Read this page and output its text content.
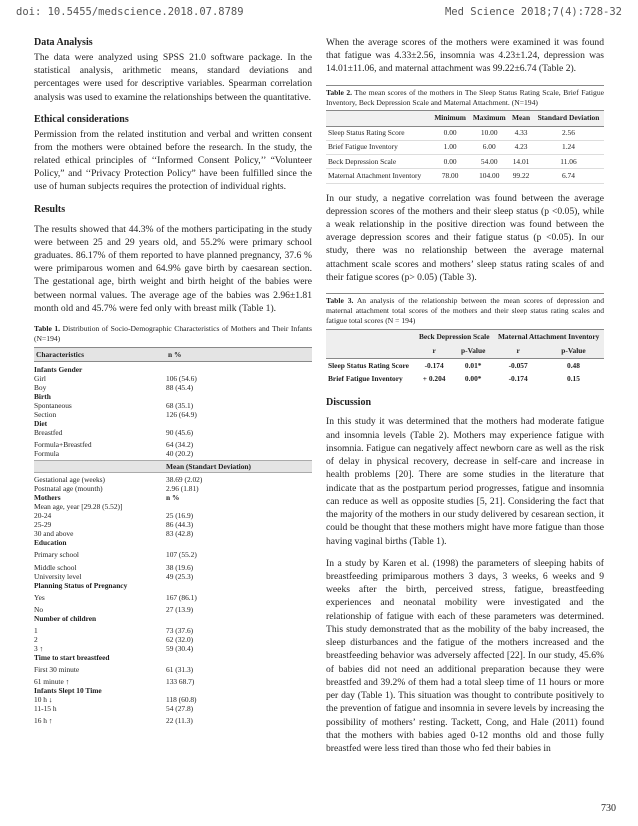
doi: 10.5455/medscience.2018.07.8789	Med Science 2018;7(4):728-32
Data Analysis

The data were analyzed using SPSS 21.0 software package. In the statistical analysis, arithmetic means, standard deviations and percentages were used for descriptive variables. Spearman correlation analysis was used to examine the relationships between the quantitative.

Ethical considerations

Permission from the related institution and verbal and written consent from the mothers were obtained before the research. In the study, the related ethical principles of ‘‘Informed Consent Policy,’’ “Volunteer Policy,” and ‘‘Privacy Protection Policy” have been fulfilled since the use of human subjects requires the protection of individual rights.

Results

The results showed that 44.3% of the mothers participating in the study were between 25 and 29 years old, and 55.2% were primary school graduates. 86.17% of them reported to have planned pregnancy, 37.6 % were primiparous women and 64.9% gave birth by caesarean section. The gestational age, birth weight and birth height of the babies were between normal values. The average age of the babies was 2.96±1.81 month old and 45.7% were fed only with breast milk (Table 1).

Table 1. Distribution of Socio-Demographic Characteristics of Mothers and Their Infants (N=194)
Characteristics	n %
Infants Gender
Girl	106 (54.6)
Boy	88 (45.4)
Birth
Spontaneous	68 (35.1)
Section	126 (64.9)
Diet
Breastfed	90 (45.6)
Formula+Breastfed	64 (34.2)
Formula	40 (20.2)
Mean (Standart Deviation)
Gestational age (weeks)	38.69 (2.02)
Postnatal age (mounth)	2.96 (1.81)
Mothers	n %
Mean age, year [29.28 (5.52)]
20-24	25 (16.9)
25-29	86 (44.3)
30 and above	83 (42.8)
Education
Primary school	107 (55.2)
Middle school	38 (19.6)
University level	49 (25.3)
Planning Status of Pregnancy
Yes	167 (86.1)
No	27 (13.9)
Number of children
1	73 (37.6)
2	62 (32.0)
3 ↑	59 (30.4)
Time to start breastfeed
First 30 minute	61 (31.3)
61 minute ↑	133 68.7)
Infants Slept 10 Time
10 h ↓	118 (60.8)
11-15 h	54 (27.8)
16 h ↑	22 (11.3)

When the average scores of the mothers were examined it was found that fatigue was 4.33±2.56, insomnia was 4.23±1.24, depression was 14.01±11.06, and maternal attachment was 99.22±6.74 (Table 2).

Table 2. The mean scores of the mothers in The Sleep Status Rating Scale, Brief Fatigue Inventory, Beck Depression Scale and Maternal Attachment. (N=194)
	Minimum	Maximum	Mean	Standard Deviation
Sleep Status Rating Score	0.00	10.00	4.33	2.56
Brief Fatigue Inventory	1.00	6.00	4.23	1.24
Beck Depression Scale	0.00	54.00	14.01	11.06
Maternal Attachment Inventory	78.00	104.00	99.22	6.74

In our study, a negative correlation was found between the average depression scores of the mothers and their sleep status (p <0.05), while a weak relationship in the positive direction was found between the average depression scores and their fatigue status (p <0.05). In our study, there was no relationship between the average maternal attachment scale scores and mothers’ sleep status rating scales of and their fatigue scores (p> 0.05) (Table 3).

Table 3. An analysis of the relationship between the mean scores of depression and maternal attachment total scores of the mothers and their sleep status rating scales and fatigue total scores (N = 194)
	Beck Depression Scale		Maternal Attachment Inventory	
	r	p-Value	r	p-Value
Sleep Status Rating Score	-0.174	0.01*	-0.057	0.48
Brief Fatigue Inventory	+ 0.204	0.00*	-0.174	0.15
Discussion

In this study it was determined that the mothers had moderate fatigue and insomnia levels (Table 2). Mothers may experience fatigue with insomnia. Fatigue can negatively affect newborn care as well as the risk of delay in physical recovery, decrease in self-care and increase in health problems [20]. There are some studies in the literature that indicate that as the postpartum period progresses, fatigue and insomnia can reduce as well as opposite studies [5, 21]. Considering the fact that the majority of the mothers in our study delivered by cesarean section, it could be thought that these mothers might have more fatigue than those having vaginal births (Table 1).

In a study by Karen et al. (1998) the parameters of sleeping habits of breastfeeding primiparous mothers 3 days, 3 weeks, 6 weeks and 9 weeks after the birth, perceived stress, fatigue, breastfeeding experiences and neonatal mobility were investigated and the relationship of fatigue with each of these parameters was determined. This study demonstrated that as the mobility of the baby increased, the sleep disturbances and the fatigue of the mothers increased and the breastfeeding behavior was adversely affected [22]. In our study, 45.6% of babies did not need an additional preparation because they were breastfed and 39.2% of them had a total sleep time of 11 hours or more per day (Table 1). This situation was thought to contribute positively to the prevention of fatigue and insomnia in severe levels by increasing the possibility of mothers’ resting. Tackett, Cong, and Hale (2011) found that the mothers with babies aged 0-12 months old and those fully breastfed were less tired than those who fed their babies in

730
